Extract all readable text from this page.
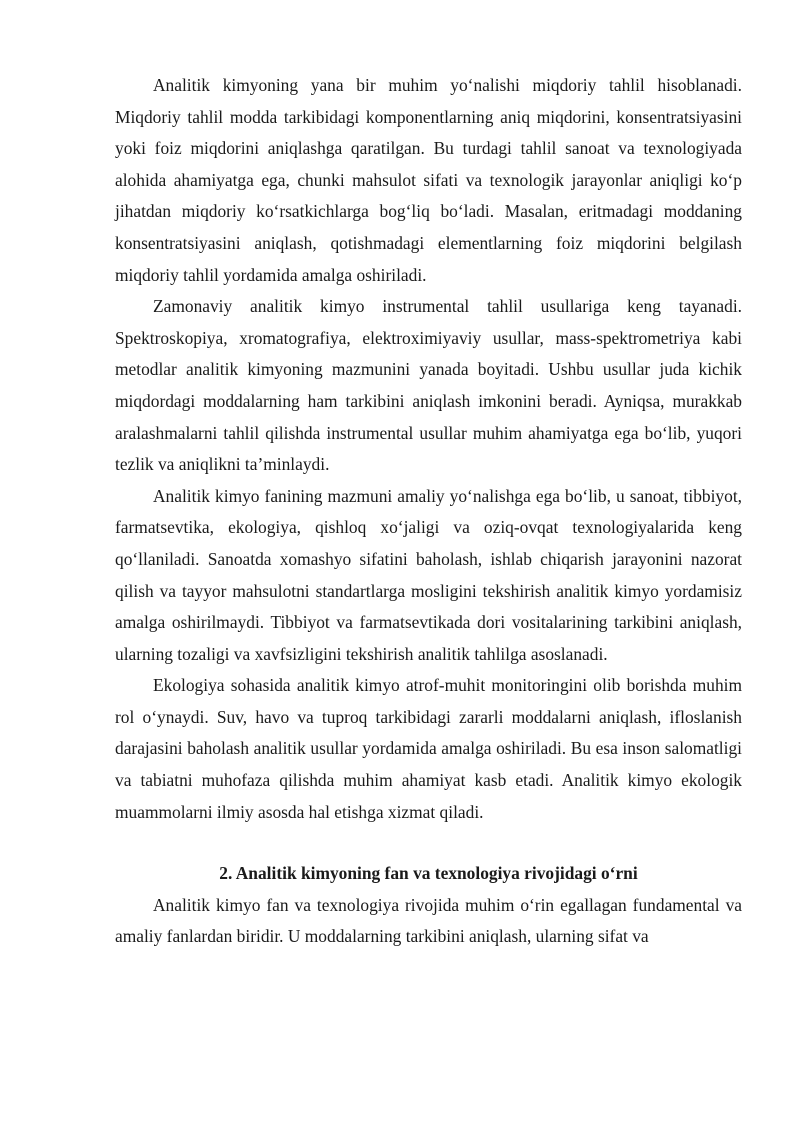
Analitik kimyoning yana bir muhim yo‘nalishi miqdoriy tahlil hisoblanadi. Miqdoriy tahlil modda tarkibidagi komponentlarning aniq miqdorini, konsentratsiyasini yoki foiz miqdorini aniqlashga qaratilgan. Bu turdagi tahlil sanoat va texnologiyada alohida ahamiyatga ega, chunki mahsulot sifati va texnologik jarayonlar aniqligi ko‘p jihatdan miqdoriy ko‘rsatkichlarga bog‘liq bo‘ladi. Masalan, eritmadagi moddaning konsentratsiyasini aniqlash, qotishmadagi elementlarning foiz miqdorini belgilash miqdoriy tahlil yordamida amalga oshiriladi.

Zamonaviy analitik kimyo instrumental tahlil usullariga keng tayanadi. Spektroskopiya, xromatografiya, elektroximiyaviy usullar, mass-spektrometriya kabi metodlar analitik kimyoning mazmunini yanada boyitadi. Ushbu usullar juda kichik miqdordagi moddalarning ham tarkibini aniqlash imkonini beradi. Ayniqsa, murakkab aralashmalarni tahlil qilishda instrumental usullar muhim ahamiyatga ega bo‘lib, yuqori tezlik va aniqlikni ta’minlaydi.

Analitik kimyo fanining mazmuni amaliy yo‘nalishga ega bo‘lib, u sanoat, tibbiyot, farmatsevtika, ekologiya, qishloq xo‘jaligi va oziq-ovqat texnologiyalarida keng qo‘llaniladi. Sanoatda xomashyo sifatini baholash, ishlab chiqarish jarayonini nazorat qilish va tayyor mahsulotni standartlarga mosligini tekshirish analitik kimyo yordamisiz amalga oshirilmaydi. Tibbiyot va farmatsevtikada dori vositalarining tarkibini aniqlash, ularning tozaligi va xavfsizligini tekshirish analitik tahlilga asoslanadi.

Ekologiya sohasida analitik kimyo atrof-muhit monitoringini olib borishda muhim rol o‘ynaydi. Suv, havo va tuproq tarkibidagi zararli moddalarni aniqlash, ifloslanish darajasini baholash analitik usullar yordamida amalga oshiriladi. Bu esa inson salomatligi va tabiatni muhofaza qilishda muhim ahamiyat kasb etadi. Analitik kimyo ekologik muammolarni ilmiy asosda hal etishga xizmat qiladi.

2. Analitik kimyoning fan va texnologiya rivojidagi o‘rni

Analitik kimyo fan va texnologiya rivojida muhim o‘rin egallagan fundamental va amaliy fanlardan biridir. U moddalarning tarkibini aniqlash, ularning sifat va
